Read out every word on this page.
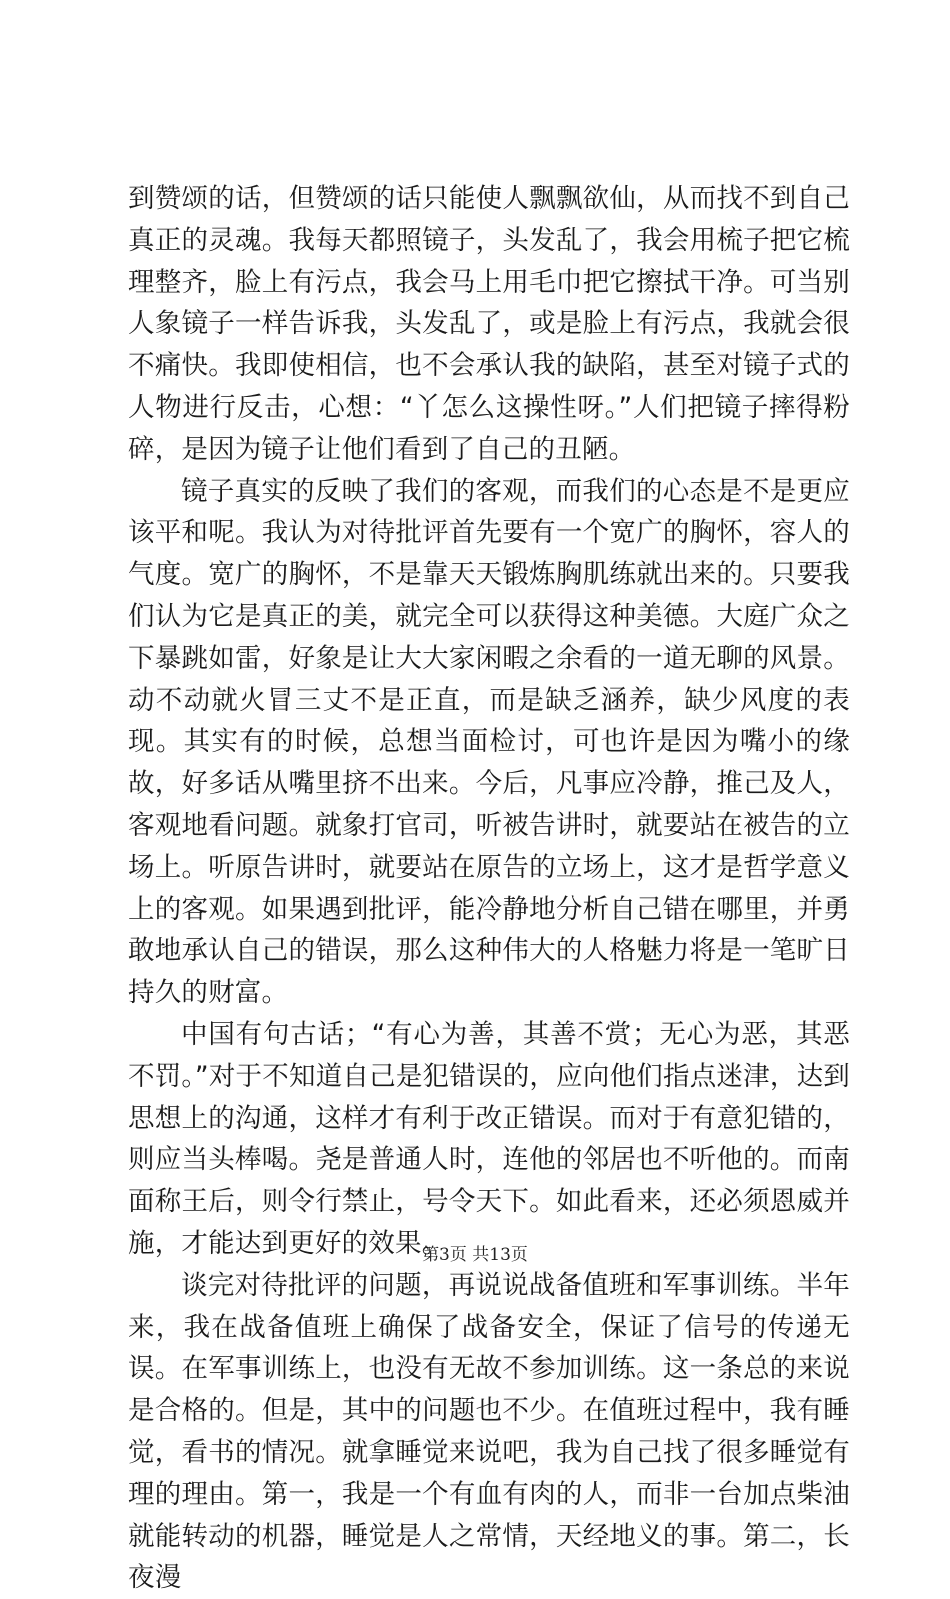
到赞颂的话，但赞颂的话只能使人飘飘欲仙，从而找不到自己真正的灵魂。我每天都照镜子，头发乱了，我会用梳子把它梳理整齐，脸上有污点，我会马上用毛巾把它擦拭干净。可当别人象镜子一样告诉我，头发乱了，或是脸上有污点，我就会很不痛快。我即使相信，也不会承认我的缺陷，甚至对镜子式的人物进行反击，心想：“丫怎么这操性呀。”人们把镜子摔得粉碎，是因为镜子让他们看到了自己的丑陋。

镜子真实的反映了我们的客观，而我们的心态是不是更应该平和呢。我认为对待批评首先要有一个宽广的胸怀，容人的气度。宽广的胸怀，不是靠天天锻炼胸肌练就出来的。只要我们认为它是真正的美，就完全可以获得这种美德。大庭广众之下暴跳如雷，好象是让大大家闲暇之余看的一道无聊的风景。动不动就火冒三丈不是正直，而是缺乏涵养，缺少风度的表现。其实有的时候，总想当面检讨，可也许是因为嘴小的缘故，好多话从嘴里挤不出来。今后，凡事应冷静，推己及人，客观地看问题。就象打官司，听被告讲时，就要站在被告的立场上。听原告讲时，就要站在原告的立场上，这才是哲学意义上的客观。如果遇到批评，能冷静地分析自己错在哪里，并勇敢地承认自己的错误，那么这种伟大的人格魅力将是一笔旷日持久的财富。

中国有句古话；“有心为善，其善不赏；无心为恶，其恶不罚。”对于不知道自己是犯错误的，应向他们指点迷津，达到思想上的沟通，这样才有利于改正错误。而对于有意犯错的，则应当头棒喝。尧是普通人时，连他的邻居也不听他的。而南面称王后，则令行禁止，号令天下。如此看来，还必须恩威并施，才能达到更好的效果。

谈完对待批评的问题，再说说战备值班和军事训练。半年来，我在战备值班上确保了战备安全，保证了信号的传递无误。在军事训练上，也没有无故不参加训练。这一条总的来说是合格的。但是，其中的问题也不少。在值班过程中，我有睡觉，看书的情况。就拿睡觉来说吧，我为自己找了很多睡觉有理的理由。第一，我是一个有血有肉的人，而非一台加点柴油就能转动的机器，睡觉是人之常情，天经地义的事。第二，长夜漫

第3页 共13页
